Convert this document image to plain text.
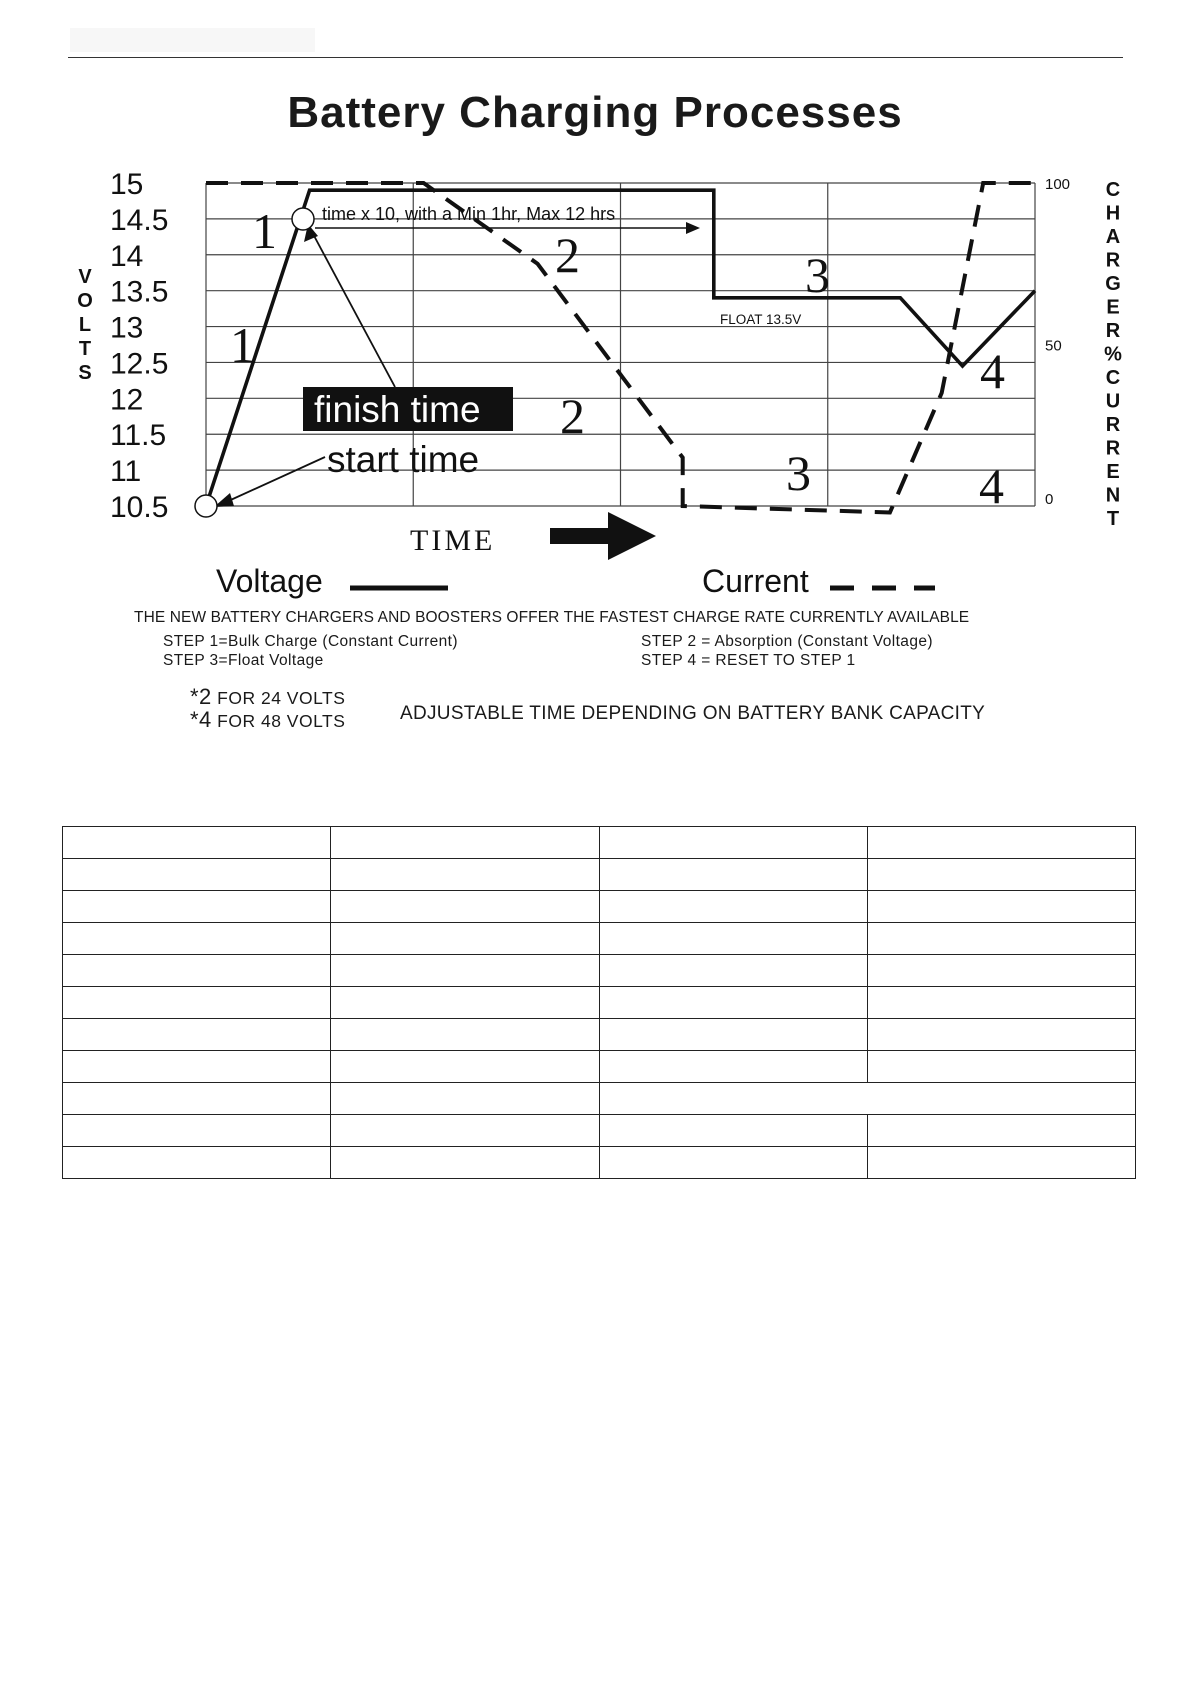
Battery Charging Processes
15
14.5
14
13.5
13
12.5
12
11.5
11
10.5
100
50
0
V
O
L
T
S
C
H
A
R
G
E
R
%
C
U
R
R
E
N
T
TIME
time x 10, with a Min 1hr, Max 12 hrs
FLOAT 13.5V
finish time
start time
1
1
2	3
4
2
3	4
Voltage	Current
THE NEW BATTERY CHARGERS AND BOOSTERS OFFER THE FASTEST CHARGE RATE CURRENTLY AVAILABLE
STEP 1=Bulk Charge (Constant Current)	STEP 2 = Absorption (Constant Voltage)
STEP 3=Float Voltage	STEP 4 = RESET TO STEP 1
*2 FOR 24 VOLTS
*4 FOR 48 VOLTS	ADJUSTABLE TIME DEPENDING ON BATTERY BANK CAPACITY
